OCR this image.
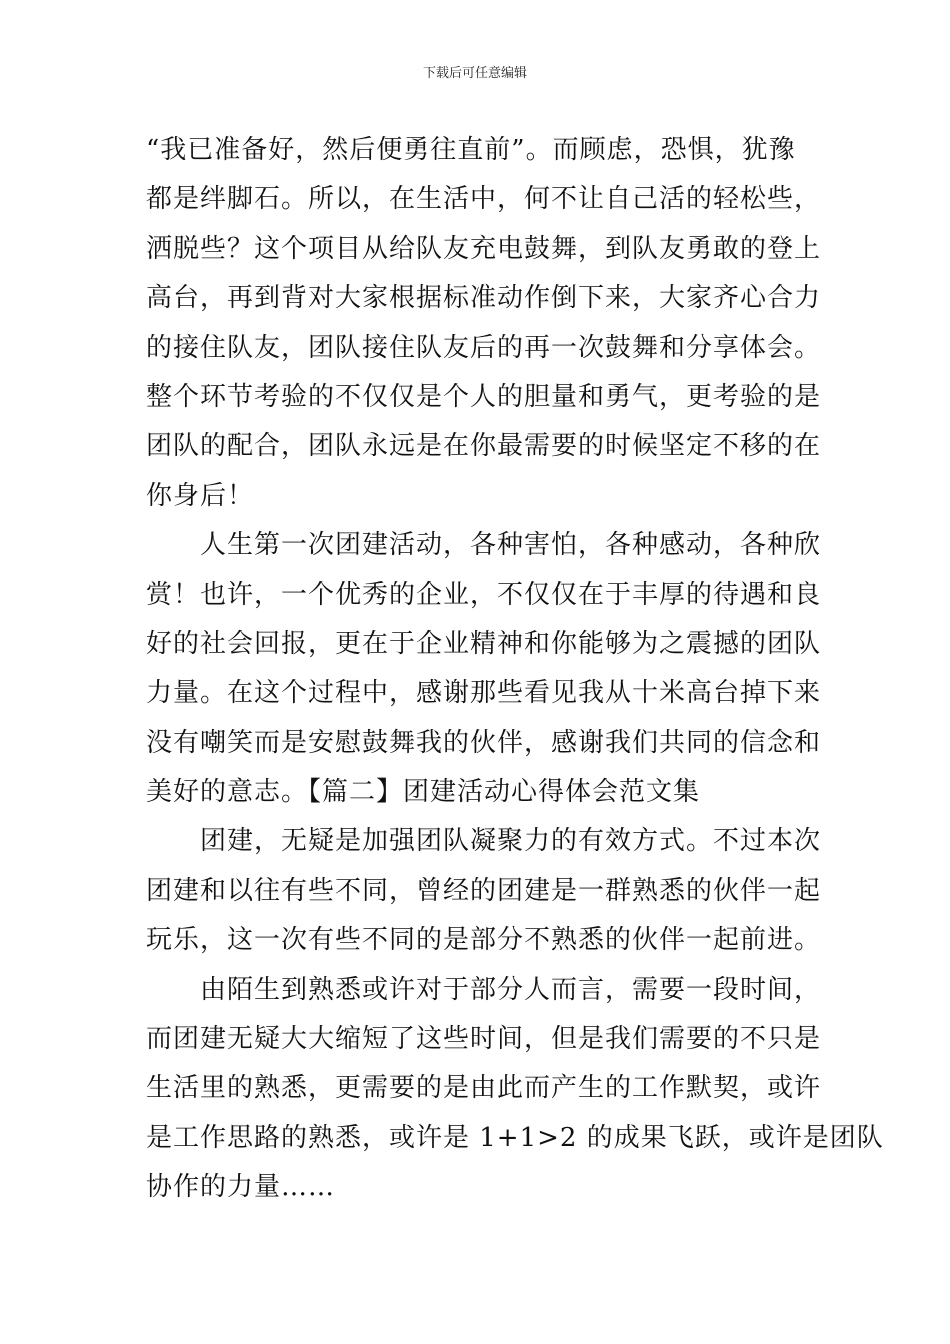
下载后可任意编辑
“我已准备好，然后便勇往直前”。而顾虑，恐惧，犹豫
都是绊脚石。所以，在生活中，何不让自己活的轻松些，
洒脱些？这个项目从给队友充电鼓舞，到队友勇敢的登上
高台，再到背对大家根据标准动作倒下来，大家齐心合力
的接住队友，团队接住队友后的再一次鼓舞和分享体会。
整个环节考验的不仅仅是个人的胆量和勇气，更考验的是
团队的配合，团队永远是在你最需要的时候坚定不移的在
你身后！
人生第一次团建活动，各种害怕，各种感动，各种欣
赏！也许，一个优秀的企业，不仅仅在于丰厚的待遇和良
好的社会回报，更在于企业精神和你能够为之震撼的团队
力量。在这个过程中，感谢那些看见我从十米高台掉下来
没有嘲笑而是安慰鼓舞我的伙伴，感谢我们共同的信念和
美好的意志。【篇二】团建活动心得体会范文集
团建，无疑是加强团队凝聚力的有效方式。不过本次
团建和以往有些不同，曾经的团建是一群熟悉的伙伴一起
玩乐，这一次有些不同的是部分不熟悉的伙伴一起前进。
由陌生到熟悉或许对于部分人而言，需要一段时间，
而团建无疑大大缩短了这些时间，但是我们需要的不只是
生活里的熟悉，更需要的是由此而产生的工作默契，或许
是工作思路的熟悉，或许是 1+1>2 的成果飞跃，或许是团队
协作的力量……
